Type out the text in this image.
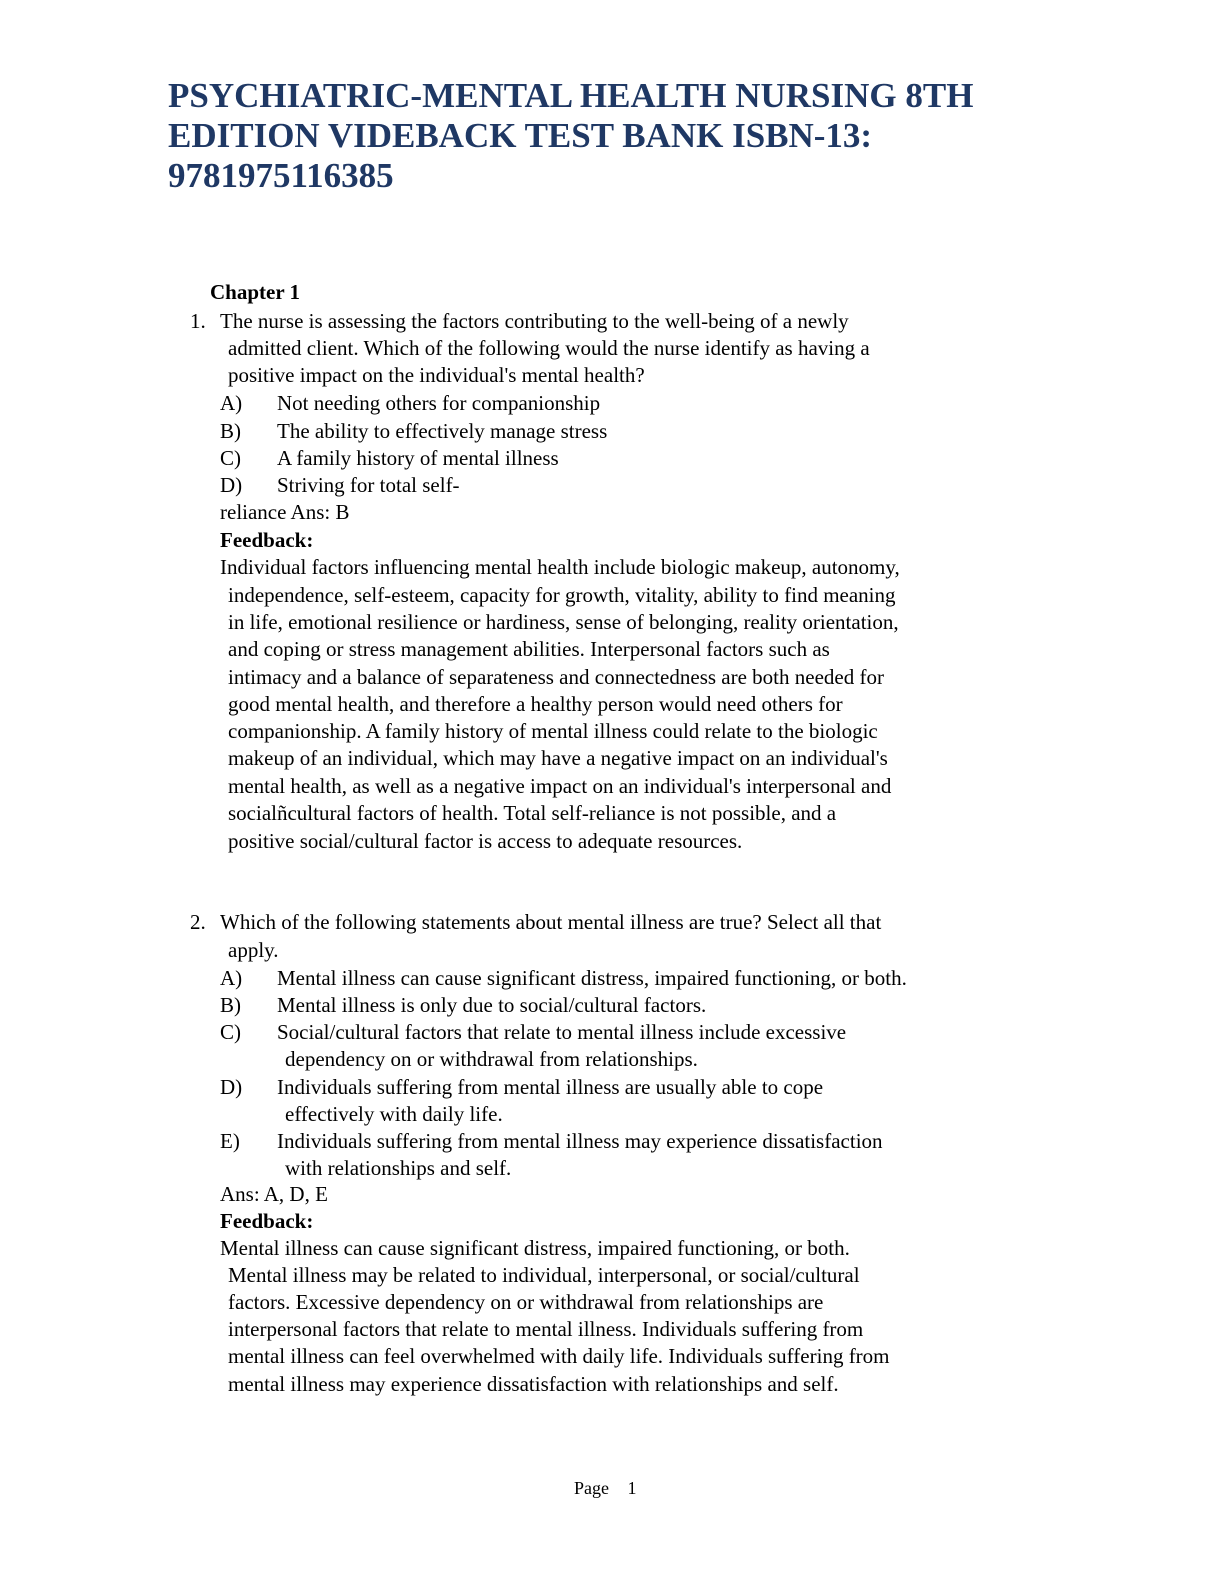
PSYCHIATRIC-MENTAL HEALTH NURSING 8TH
EDITION VIDEBACK TEST BANK ISBN-13:
9781975116385
Chapter 1
1. The nurse is assessing the factors contributing to the well-being of a newly
admitted client. Which of the following would the nurse identify as having a
positive impact on the individual's mental health?
A) Not needing others for companionship
B) The ability to effectively manage stress
C) A family history of mental illness
D) Striving for total self-
reliance Ans: B
Feedback:
Individual factors influencing mental health include biologic makeup, autonomy,
independence, self-esteem, capacity for growth, vitality, ability to find meaning
in life, emotional resilience or hardiness, sense of belonging, reality orientation,
and coping or stress management abilities. Interpersonal factors such as
intimacy and a balance of separateness and connectedness are both needed for
good mental health, and therefore a healthy person would need others for
companionship. A family history of mental illness could relate to the biologic
makeup of an individual, which may have a negative impact on an individual's
mental health, as well as a negative impact on an individual's interpersonal and
socialñcultural factors of health. Total self-reliance is not possible, and a
positive social/cultural factor is access to adequate resources.
2. Which of the following statements about mental illness are true? Select all that
apply.
A) Mental illness can cause significant distress, impaired functioning, or both.
B) Mental illness is only due to social/cultural factors.
C) Social/cultural factors that relate to mental illness include excessive
dependency on or withdrawal from relationships.
D) Individuals suffering from mental illness are usually able to cope
effectively with daily life.
E) Individuals suffering from mental illness may experience dissatisfaction
with relationships and self.
Ans: A, D, E
Feedback:
Mental illness can cause significant distress, impaired functioning, or both.
Mental illness may be related to individual, interpersonal, or social/cultural
factors. Excessive dependency on or withdrawal from relationships are
interpersonal factors that relate to mental illness. Individuals suffering from
mental illness can feel overwhelmed with daily life. Individuals suffering from
mental illness may experience dissatisfaction with relationships and self.
Page 1
